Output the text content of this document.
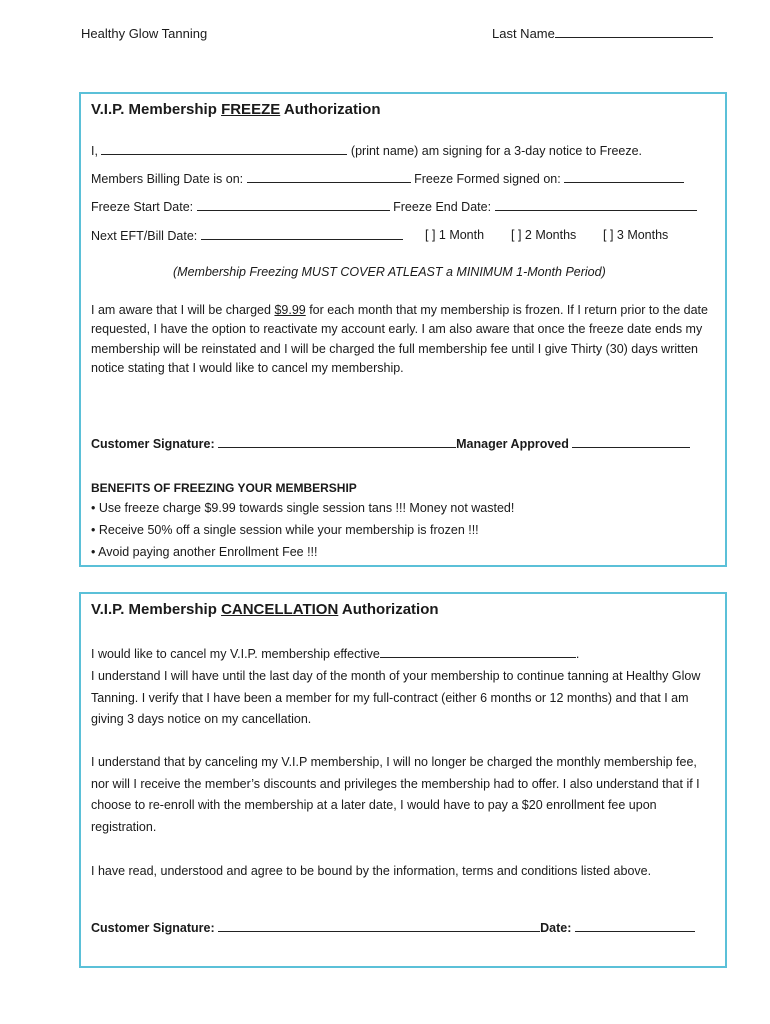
Healthy Glow Tanning	Last Name
V.I.P. Membership FREEZE Authorization
I,	(print name) am signing for a 3-day notice to Freeze.
Members Billing Date is on:	Freeze Formed signed on:
Freeze Start Date:	Freeze End Date:
Next EFT/Bill Date:	[ ] 1 Month [ ] 2 Months [ ] 3 Months
(Membership Freezing MUST COVER ATLEAST a MINIMUM 1-Month Period)
I am aware that I will be charged $9.99 for each month that my membership is frozen. If I return prior to the date requested, I have the option to reactivate my account early. I am also aware that once the freeze date ends my membership will be reinstated and I will be charged the full membership fee until I give Thirty (30) days written notice stating that I would like to cancel my membership.
Customer Signature:	Manager Approved
BENEFITS OF FREEZING YOUR MEMBERSHIP
• Use freeze charge $9.99 towards single session tans !!! Money not wasted!
• Receive 50% off a single session while your membership is frozen !!!
• Avoid paying another Enrollment Fee !!!
V.I.P. Membership CANCELLATION Authorization
I would like to cancel my V.I.P. membership effective	.
I understand I will have until the last day of the month of your membership to continue tanning at Healthy Glow Tanning. I verify that I have been a member for my full-contract (either 6 months or 12 months) and that I am giving 3 days notice on my cancellation.
I understand that by canceling my V.I.P membership, I will no longer be charged the monthly membership fee, nor will I receive the member’s discounts and privileges the membership had to offer. I also understand that if I choose to re-enroll with the membership at a later date, I would have to pay a $20 enrollment fee upon registration.
I have read, understood and agree to be bound by the information, terms and conditions listed above.
Customer Signature:	Date:
